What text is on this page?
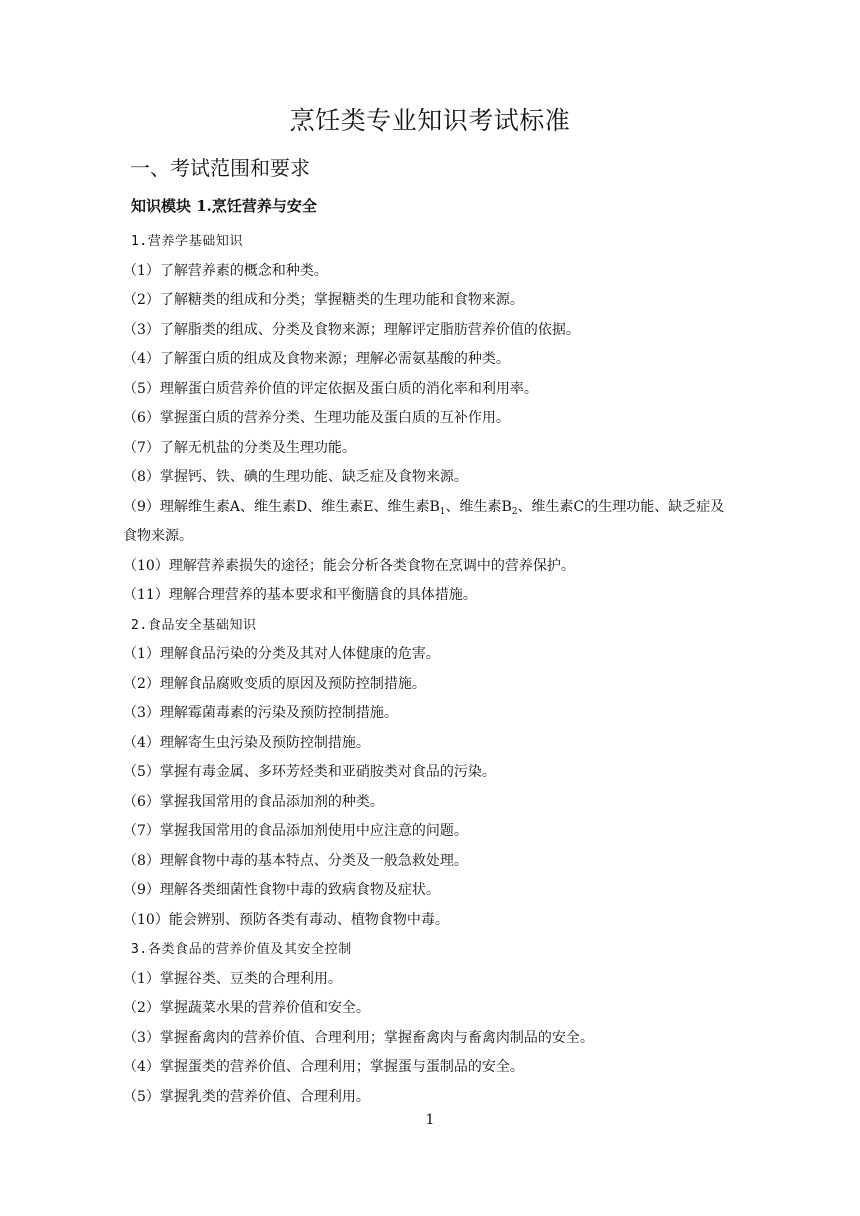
烹饪类专业知识考试标准
一、考试范围和要求
知识模块 1.烹饪营养与安全
1.营养学基础知识
（1）了解营养素的概念和种类。
（2）了解糖类的组成和分类；掌握糖类的生理功能和食物来源。
（3）了解脂类的组成、分类及食物来源；理解评定脂肪营养价值的依据。
（4）了解蛋白质的组成及食物来源；理解必需氨基酸的种类。
（5）理解蛋白质营养价值的评定依据及蛋白质的消化率和利用率。
（6）掌握蛋白质的营养分类、生理功能及蛋白质的互补作用。
（7）了解无机盐的分类及生理功能。
（8）掌握钙、铁、碘的生理功能、缺乏症及食物来源。
（9）理解维生素A、维生素D、维生素E、维生素$B_1$、维生素$B_2$、维生素C的生理功能、缺乏症及食物来源。
（10）理解营养素损失的途径；能会分析各类食物在烹调中的营养保护。
（11）理解合理营养的基本要求和平衡膳食的具体措施。
2.食品安全基础知识
（1）理解食品污染的分类及其对人体健康的危害。
（2）理解食品腐败变质的原因及预防控制措施。
（3）理解霉菌毒素的污染及预防控制措施。
（4）理解寄生虫污染及预防控制措施。
（5）掌握有毒金属、多环芳烃类和亚硝胺类对食品的污染。
（6）掌握我国常用的食品添加剂的种类。
（7）掌握我国常用的食品添加剂使用中应注意的问题。
（8）理解食物中毒的基本特点、分类及一般急救处理。
（9）理解各类细菌性食物中毒的致病食物及症状。
（10）能会辨别、预防各类有毒动、植物食物中毒。
3.各类食品的营养价值及其安全控制
（1）掌握谷类、豆类的合理利用。
（2）掌握蔬菜水果的营养价值和安全。
（3）掌握畜禽肉的营养价值、合理利用；掌握畜禽肉与畜禽肉制品的安全。
（4）掌握蛋类的营养价值、合理利用；掌握蛋与蛋制品的安全。
（5）掌握乳类的营养价值、合理利用。
1
